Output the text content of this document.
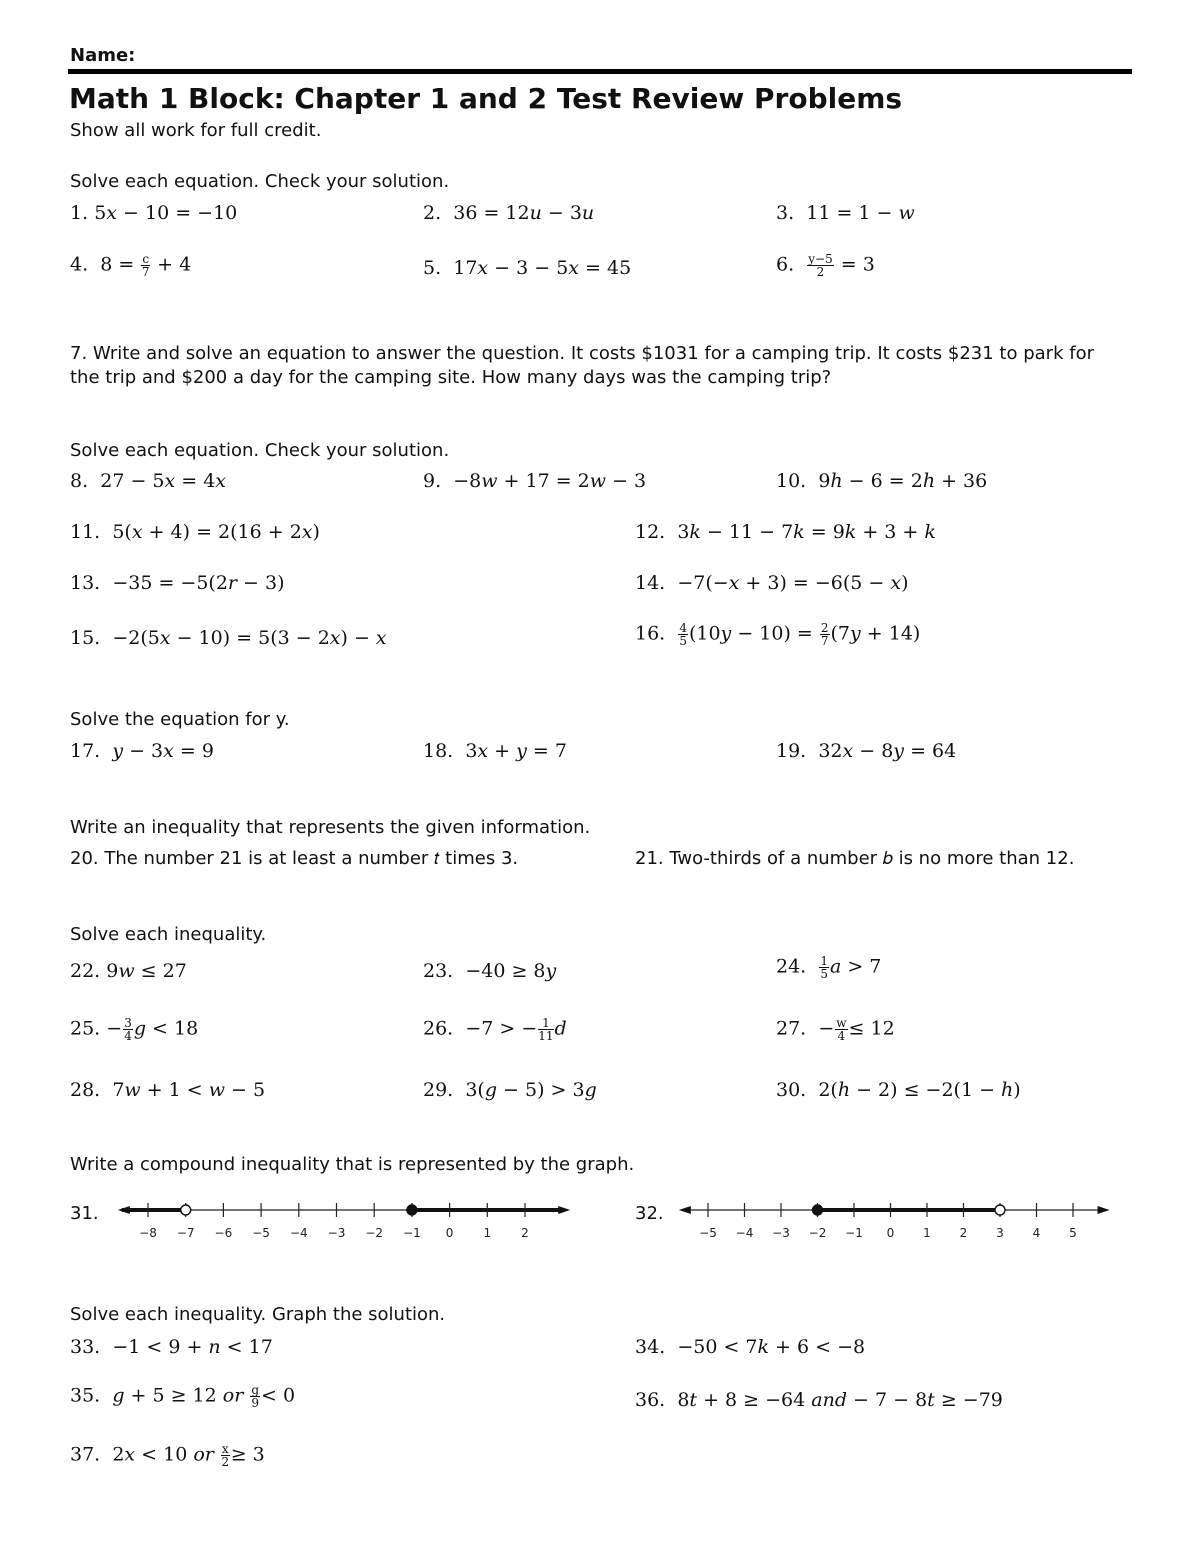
Name:
Math 1 Block: Chapter 1 and 2 Test Review Problems
Show all work for full credit.
Solve each equation. Check your solution.
1. 5𝑥 − 10 = −10	2. 36 = 12𝑢 − 3𝑢	3. 11 = 1 − 𝑤
4. $8 = \frac{c}{7} + 4$	5. 17𝑥 − 3 − 5𝑥 = 45	6. $\frac{y-5}{2} = 3$
7. Write and solve an equation to answer the question. It costs $1031 for a camping trip. It costs $231 to park for the trip and $200 a day for the camping site. How many days was the camping trip?
Solve each equation. Check your solution.
8. 27 − 5𝑥 = 4𝑥	9. −8𝑤 + 17 = 2𝑤 − 3	10. 9ℎ − 6 = 2ℎ + 36
11. 5(𝑥 + 4) = 2(16 + 2𝑥)	12. 3𝑘 − 11 − 7𝑘 = 9𝑘 + 3 + 𝑘
13. −35 = −5(2𝑟 − 3)	14. −7(−𝑥 + 3) = −6(5 − 𝑥)
15. −2(5𝑥 − 10) = 5(3 − 2𝑥) − 𝑥	16. $\frac{4}{5}$ (10𝑦 − $10) = \frac{2}{7}$ (7𝑦 + 14)
Solve the equation for y.
17. 𝑦 − 3𝑥 = 9	18. 3𝑥 + 𝑦 = 7	19. 32𝑥 − 8𝑦 = 64
Write an inequality that represents the given information.
20. The number 21 is at least a number 𝑡 times 3.	21. Two-thirds of a number 𝑏 is no more than 12.
Solve each inequality.
22. 9𝑤 ≤ 27	23. −40 ≥ 8𝑦	24. $\frac{1}{5}$ 𝑎 > 7
25. − $\frac{3}{4}$ 𝑔 < 18	26. −7 > − $\frac{1}{11}$ 𝑑	27. − $\frac{w}{4} \le 12$
28. 7𝑤 + 1 < 𝑤 − 5	29. 3(𝑔 − 5) > 3𝑔	30. 2(ℎ − 2) ≤ −2(1 − ℎ)
Write a compound inequality that is represented by the graph.
31.	32.
−8 −7 −6 −5 −4 −3 −2 −1 0	1	2	−5 −4 −3 −2 −1 0 1 2 3 4 5
Solve each inequality. Graph the solution.
33. −1 < 9 + 𝑛 < 17	34. −50 < 7𝑘 + 6 < −8
35. 𝑔 + 5 ≥ 12 𝑜𝑟 $\frac{g}{9} < 0$	36. 8𝑡 + 8 ≥ −64 𝑎𝑛𝑑 − 7 − 8𝑡 ≥ −79
37. 2𝑥 < 10 𝑜𝑟 $\frac{x}{2} \ge 3$
